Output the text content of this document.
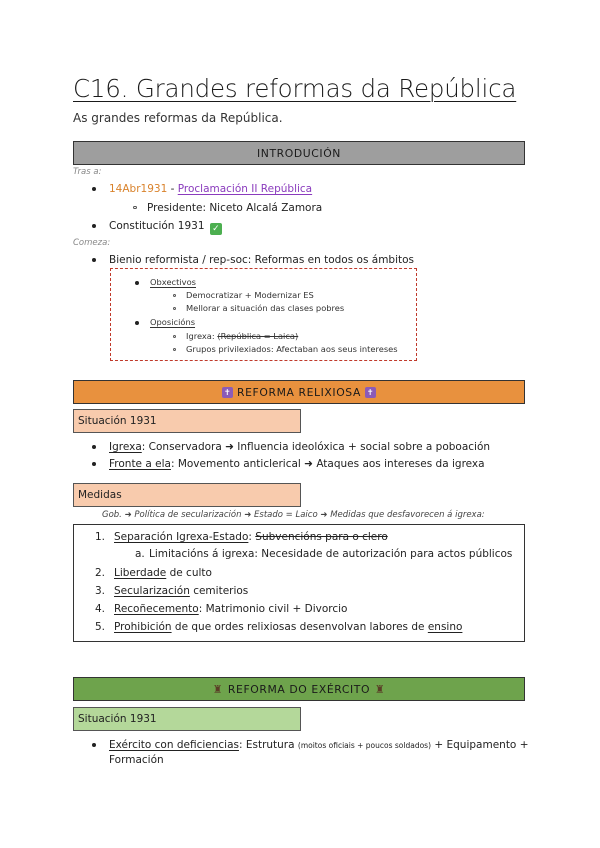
C16. Grandes reformas da República
As grandes reformas da República.
INTRODUCIÓN
Tras a:
14Abr1931 - Proclamación II República
Presidente: Niceto Alcalá Zamora
Constitución 1931 ✓
Comeza:
Bienio reformista / rep-soc: Reformas en todos os ámbitos
Obxectivos
Democratizar + Modernizar ES
Mellorar a situación das clases pobres
Oposicións
Igrexa: (República = Laica)
Grupos privilexiados: Afectaban aos seus intereses
✝ REFORMA RELIXIOSA ✝
Situación 1931
Igrexa: Conservadora ➜ Influencia ideolóxica + social sobre a poboación
Fronte a ela: Movemento anticlerical ➜ Ataques aos intereses da igrexa
Medidas
Gob. ➜ Política de secularización ➜ Estado = Laico ➜ Medidas que desfavorecen á igrexa:
1. Separación Igrexa-Estado: Subvencións para o clero
a. Limitacións á igrexa: Necesidade de autorización para actos públicos
2. Liberdade de culto
3. Secularización cemiterios
4. Recoñecemento: Matrimonio civil + Divorcio
5. Prohibición de que ordes relixiosas desenvolvan labores de ensino
♜ REFORMA DO EXÉRCITO ♜
Situación 1931
Exército con deficiencias: Estrutura (moitos oficiais + poucos soldados) + Equipamento +
Formación
